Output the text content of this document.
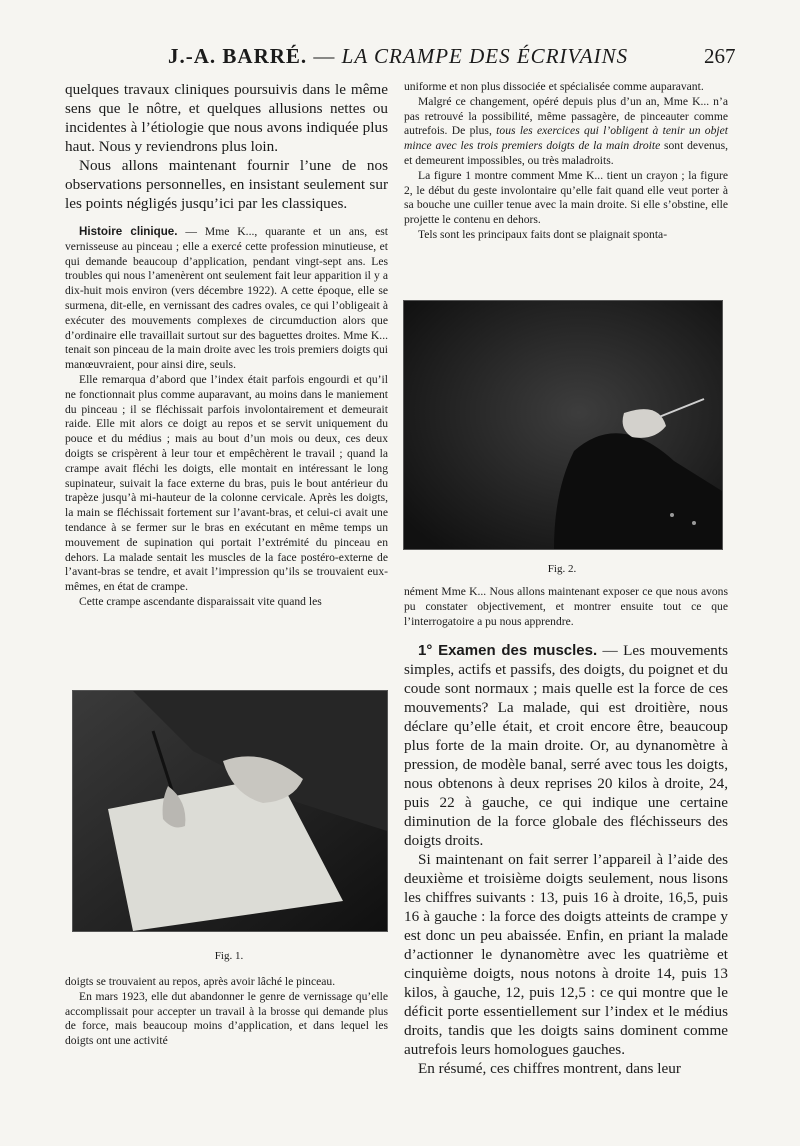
J.-A. BARRÉ. — LA CRAMPE DES ÉCRIVAINS	267

quelques travaux cliniques poursuivis dans le même sens que le nôtre, et quelques allusions nettes ou incidentes à l’étiologie que nous avons indiquée plus haut. Nous y reviendrons plus loin.

Nous allons maintenant fournir l’une de nos observations personnelles, en insistant seulement sur les points négligés jusqu’ici par les classiques.

Histoire clinique. — Mme K..., quarante et un ans, est vernisseuse au pinceau ; elle a exercé cette profession minutieuse, et qui demande beaucoup d’application, pendant vingt-sept ans. Les troubles qui nous l’amenèrent ont seulement fait leur apparition il y a dix-huit mois environ (vers décembre 1922). A cette époque, elle se surmena, dit-elle, en vernissant des cadres ovales, ce qui l’obligeait à exécuter des mouvements complexes de circumduction alors que d’ordinaire elle travaillait surtout sur des baguettes droites. Mme K... tenait son pinceau de la main droite avec les trois premiers doigts qui manœuvraient, pour ainsi dire, seuls.

Elle remarqua d’abord que l’index était parfois engourdi et qu’il ne fonctionnait plus comme auparavant, au moins dans le maniement du pinceau ; il se fléchissait parfois involontairement et demeurait raide. Elle mit alors ce doigt au repos et se servit uniquement du pouce et du médius ; mais au bout d’un mois ou deux, ces deux doigts se crispèrent à leur tour et empêchèrent le travail ; quand la crampe avait fléchi les doigts, elle montait en intéressant le long supinateur, suivait la face externe du bras, puis le bout antérieur du trapèze jusqu’à mi-hauteur de la colonne cervicale. Après les doigts, la main se fléchissait fortement sur l’avant-bras, et celui-ci avait une tendance à se fermer sur le bras en exécutant en même temps un mouvement de supination qui portait l’extrémité du pinceau en dehors. La malade sentait les muscles de la face postéro-externe de l’avant-bras se tendre, et avait l’impression qu’ils se trouvaient eux-mêmes, en état de crampe.

Cette crampe ascendante disparaissait vite quand les

Fig. 1.

doigts se trouvaient au repos, après avoir lâché le pinceau.

En mars 1923, elle dut abandonner le genre de vernissage qu’elle accomplissait pour accepter un travail à la brosse qui demande plus de force, mais beaucoup moins d’application, et dans lequel les doigts ont une activité

uniforme et non plus dissociée et spécialisée comme auparavant.

Malgré ce changement, opéré depuis plus d’un an, Mme K... n’a pas retrouvé la possibilité, même passagère, de pinceauter comme autrefois. De plus, tous les exercices qui l’obligent à tenir un objet mince avec les trois premiers doigts de la main droite sont devenus, et demeurent impossibles, ou très maladroits.

La figure 1 montre comment Mme K... tient un crayon ; la figure 2, le début du geste involontaire qu’elle fait quand elle veut porter à sa bouche une cuiller tenue avec la main droite. Si elle s’obstine, elle projette le contenu en dehors.

Tels sont les principaux faits dont se plaignait sponta-

Fig. 2.

nément Mme K... Nous allons maintenant exposer ce que nous avons pu constater objectivement, et montrer ensuite tout ce que l’interrogatoire a pu nous apprendre.

1° Examen des muscles. — Les mouvements simples, actifs et passifs, des doigts, du poignet et du coude sont normaux ; mais quelle est la force de ces mouvements? La malade, qui est droitière, nous déclare qu’elle était, et croit encore être, beaucoup plus forte de la main droite. Or, au dynanomètre à pression, de modèle banal, serré avec tous les doigts, nous obtenons à deux reprises 20 kilos à droite, 24, puis 22 à gauche, ce qui indique une certaine diminution de la force globale des fléchisseurs des doigts droits.

Si maintenant on fait serrer l’appareil à l’aide des deuxième et troisième doigts seulement, nous lisons les chiffres suivants : 13, puis 16 à droite, 16,5, puis 16 à gauche : la force des doigts atteints de crampe y est donc un peu abaissée. Enfin, en priant la malade d’actionner le dynanomètre avec les quatrième et cinquième doigts, nous notons à droite 14, puis 13 kilos, à gauche, 12, puis 12,5 : ce qui montre que le déficit porte essentiellement sur l’index et le médius droits, tandis que les doigts sains dominent comme autrefois leurs homologues gauches.

En résumé, ces chiffres montrent, dans leur
